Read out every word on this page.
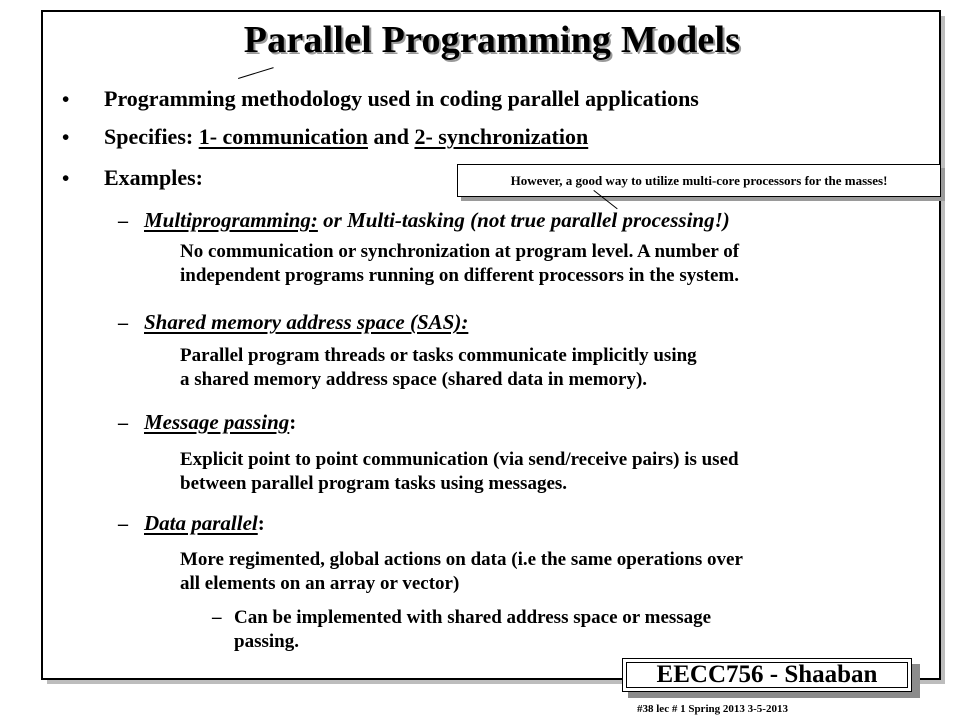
Parallel Programming Models
• Programming methodology used in coding parallel applications
• Specifies: 1- communication and 2- synchronization
• Examples:	However, a good way to utilize multi-core processors for the masses!
– Multiprogramming: or Multi-tasking (not true parallel processing!)
No communication or synchronization at program level. A number of
independent programs running on different processors in the system.
– Shared memory address space (SAS):
Parallel program threads or tasks communicate implicitly using
a shared memory address space (shared data in memory).
– Message passing:
Explicit point to point communication (via send/receive pairs) is used
between parallel program tasks using messages.
– Data parallel:
More regimented, global actions on data (i.e the same operations over
all elements on an array or vector)
– Can be implemented with shared address space or message
passing.
EECC756 - Shaaban
#38 lec # 1 Spring 2013 3-5-2013
